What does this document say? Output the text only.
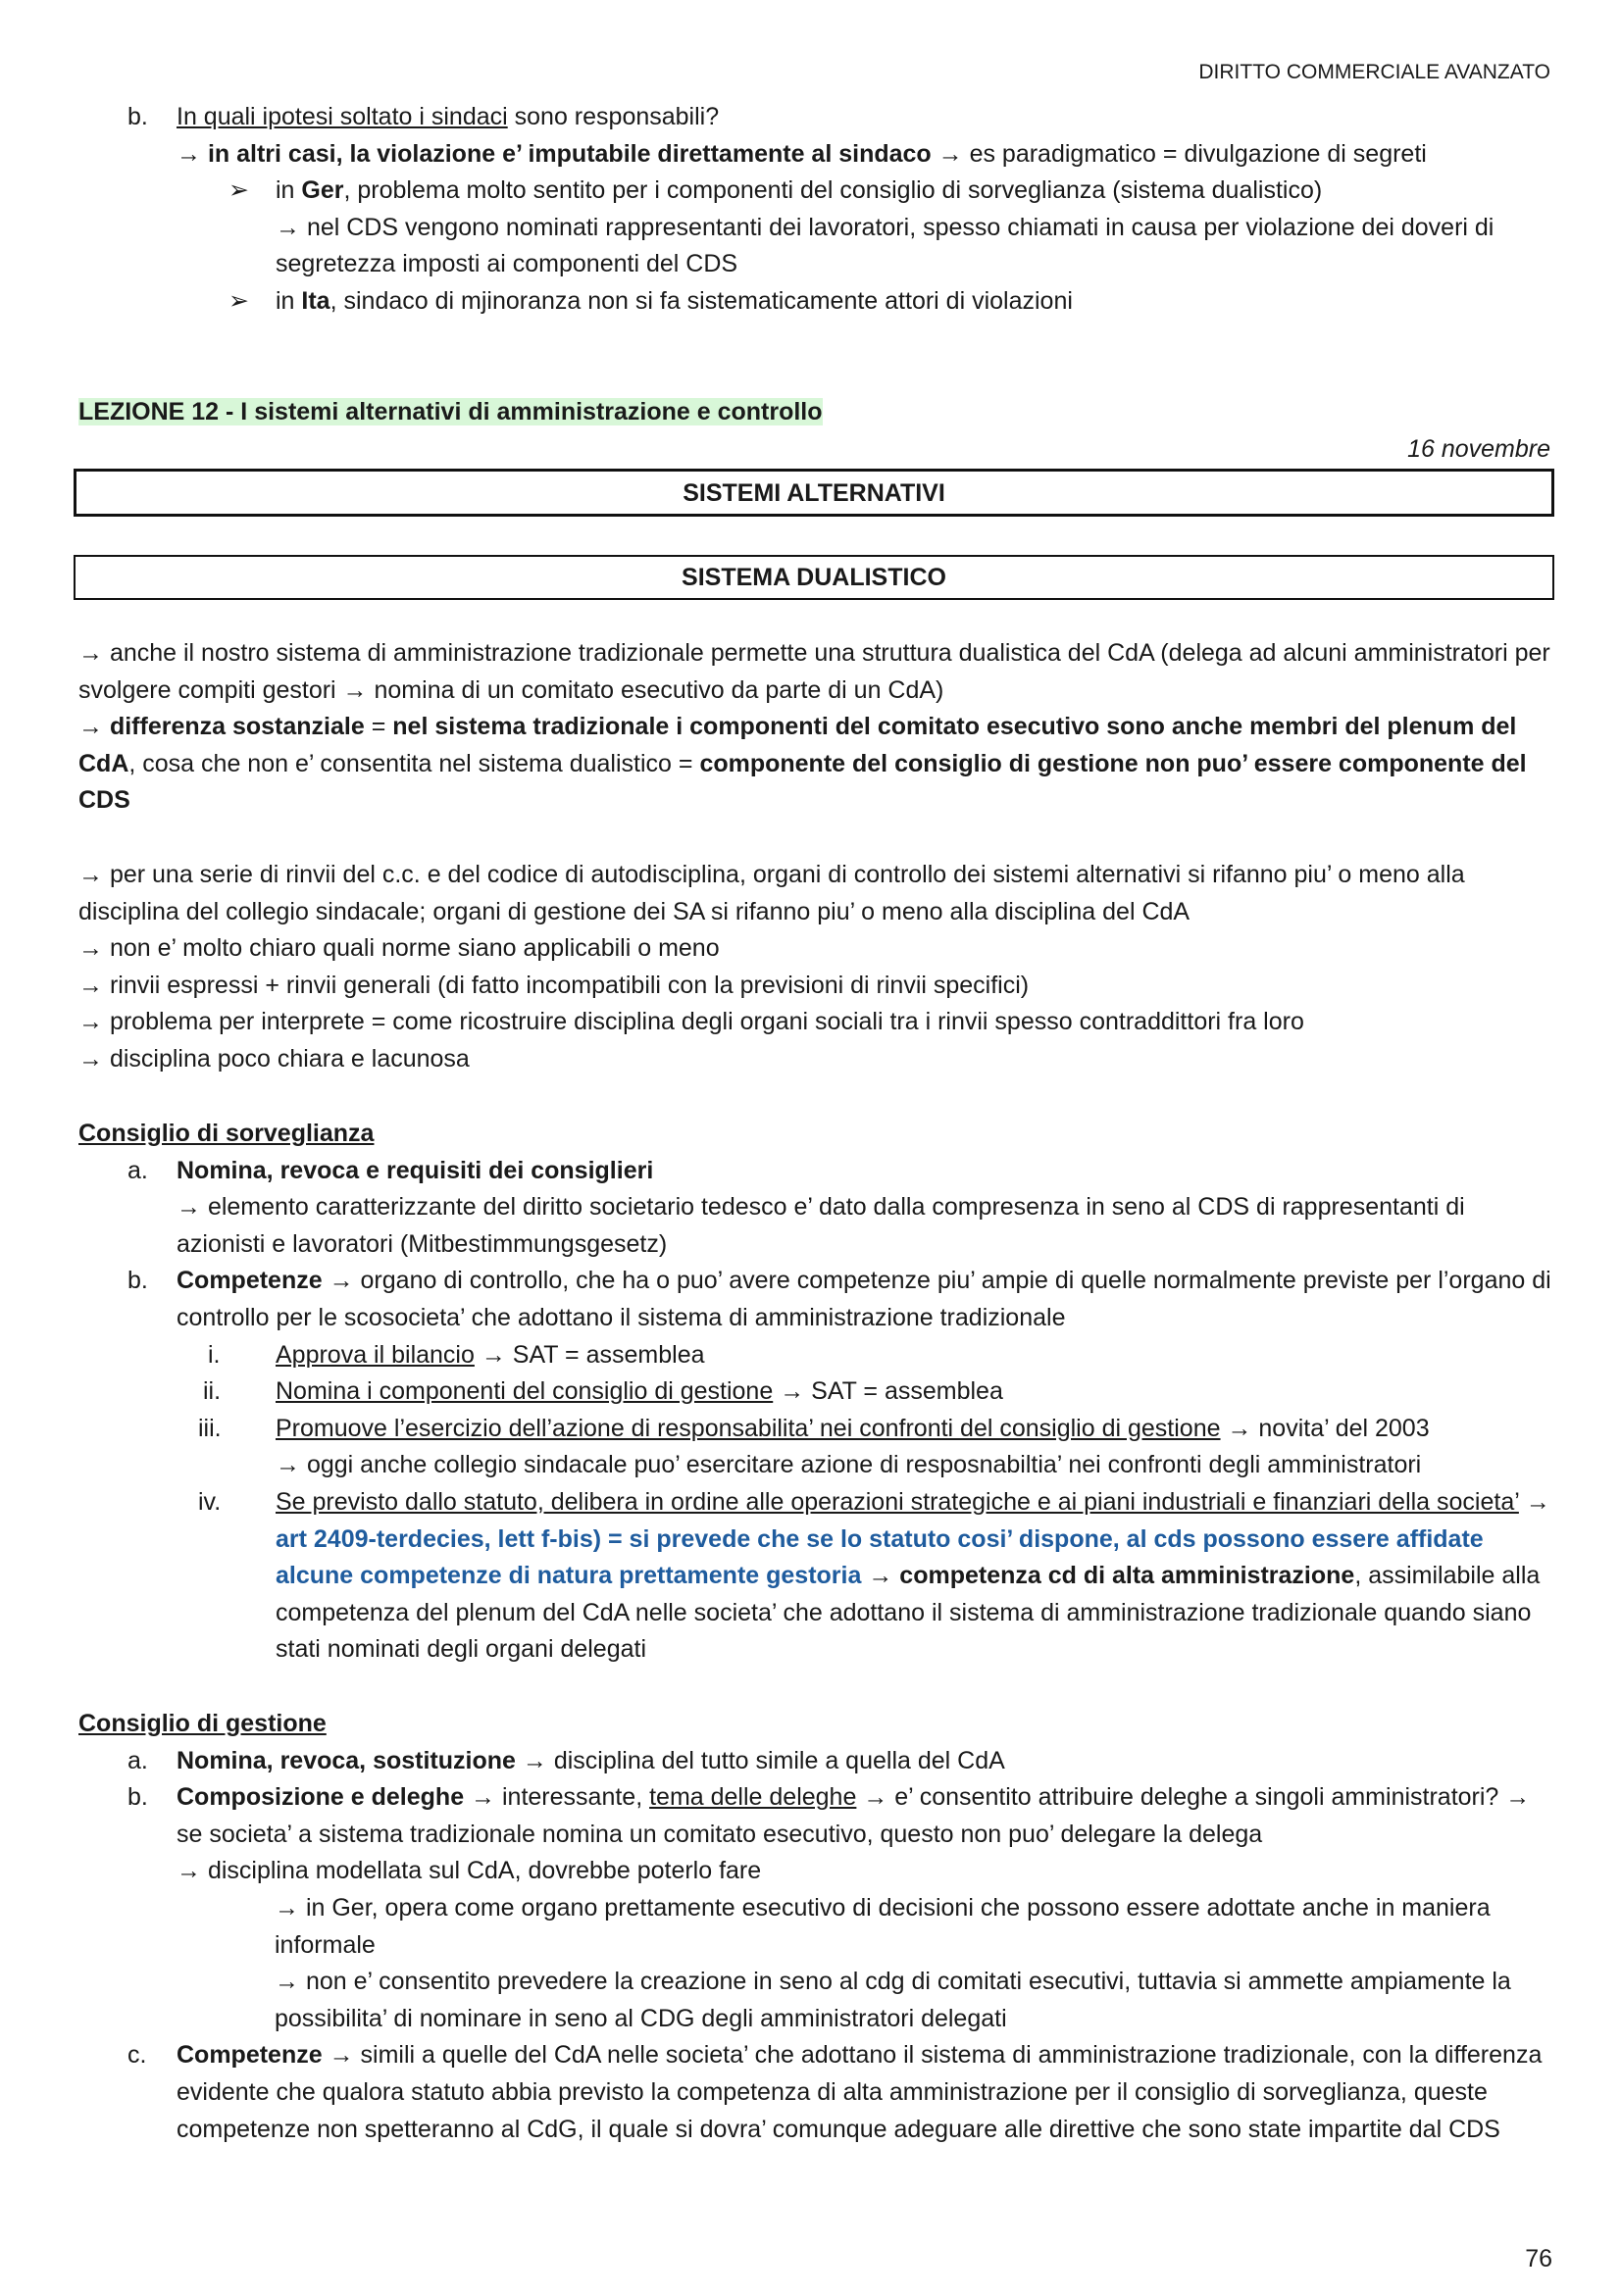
DIRITTO COMMERCIALE AVANZATO
b. In quali ipotesi soltato i sindaci sono responsabili?

→ in altri casi, la violazione e’ imputabile direttamente al sindaco → es paradigmatico = divulgazione di segreti

➢ in Ger, problema molto sentito per i componenti del consiglio di sorveglianza (sistema dualistico)

→ nel CDS vengono nominati rappresentanti dei lavoratori, spesso chiamati in causa per violazione dei doveri di segretezza imposti ai componenti del CDS

➢ in Ita, sindaco di mjinoranza non si fa sistematicamente attori di violazioni
LEZIONE 12 - I sistemi alternativi di amministrazione e controllo
16 novembre
SISTEMI ALTERNATIVI
SISTEMA DUALISTICO

→ anche il nostro sistema di amministrazione tradizionale permette una struttura dualistica del CdA (delega ad alcuni amministratori per svolgere compiti gestori → nomina di un comitato esecutivo da parte di un CdA)

→ differenza sostanziale = nel sistema tradizionale i componenti del comitato esecutivo sono anche membri del plenum del CdA, cosa che non e’ consentita nel sistema dualistico = componente del consiglio di gestione non puo’ essere componente del CDS

→ per una serie di rinvii del c.c. e del codice di autodisciplina, organi di controllo dei sistemi alternativi si rifanno piu’ o meno alla disciplina del collegio sindacale; organi di gestione dei SA si rifanno piu’ o meno alla disciplina del CdA

→ non e’ molto chiaro quali norme siano applicabili o meno

→ rinvii espressi + rinvii generali (di fatto incompatibili con la previsioni di rinvii specifici)

→ problema per interprete = come ricostruire disciplina degli organi sociali tra i rinvii spesso contraddittori fra loro

→ disciplina poco chiara e lacunosa

Consiglio di sorveglianza

a. Nomina, revoca e requisiti dei consiglieri

→ elemento caratterizzante del diritto societario tedesco e’ dato dalla compresenza in seno al CDS di rappresentanti di azionisti e lavoratori (Mitbestimmungsgesetz)

b. Competenze → organo di controllo, che ha o puo’ avere competenze piu’ ampie di quelle normalmente previste per l’organo di controllo per le scosocieta’ che adottano il sistema di amministrazione tradizionale

i. Approva il bilancio → SAT = assemblea
ii. Nomina i componenti del consiglio di gestione → SAT = assemblea
iii. Promuove l’esercizio dell’azione di responsabilita’ nei confronti del consiglio di gestione → novita’ del 2003

→ oggi anche collegio sindacale puo’ esercitare azione di resposnabiltia’ nei confronti degli amministratori

iv. Se previsto dallo statuto, delibera in ordine alle operazioni strategiche e ai piani industriali e finanziari della societa’ → art 2409-terdecies, lett f-bis) = si prevede che se lo statuto cosi’ dispone, al cds possono essere affidate alcune competenze di natura prettamente gestoria → competenza cd di alta amministrazione, assimilabile alla competenza del plenum del CdA nelle societa’ che adottano il sistema di amministrazione tradizionale quando siano stati nominati degli organi delegati

Consiglio di gestione

a. Nomina, revoca, sostituzione → disciplina del tutto simile a quella del CdA
b. Composizione e deleghe → interessante, tema delle deleghe → e’ consentito attribuire deleghe a singoli amministratori? → se societa’ a sistema tradizionale nomina un comitato esecutivo, questo non puo’ delegare la delega

→ disciplina modellata sul CdA, dovrebbe poterlo fare

→ in Ger, opera come organo prettamente esecutivo di decisioni che possono essere adottate anche in maniera informale

→ non e’ consentito prevedere la creazione in seno al cdg di comitati esecutivi, tuttavia si ammette ampiamente la possibilita’ di nominare in seno al CDG degli amministratori delegati

c. Competenze → simili a quelle del CdA nelle societa’ che adottano il sistema di amministrazione tradizionale, con la differenza evidente che qualora statuto abbia previsto la competenza di alta amministrazione per il consiglio di sorveglianza, queste competenze non spetteranno al CdG, il quale si dovra’ comunque adeguare alle direttive che sono state impartite dal CDS

76
